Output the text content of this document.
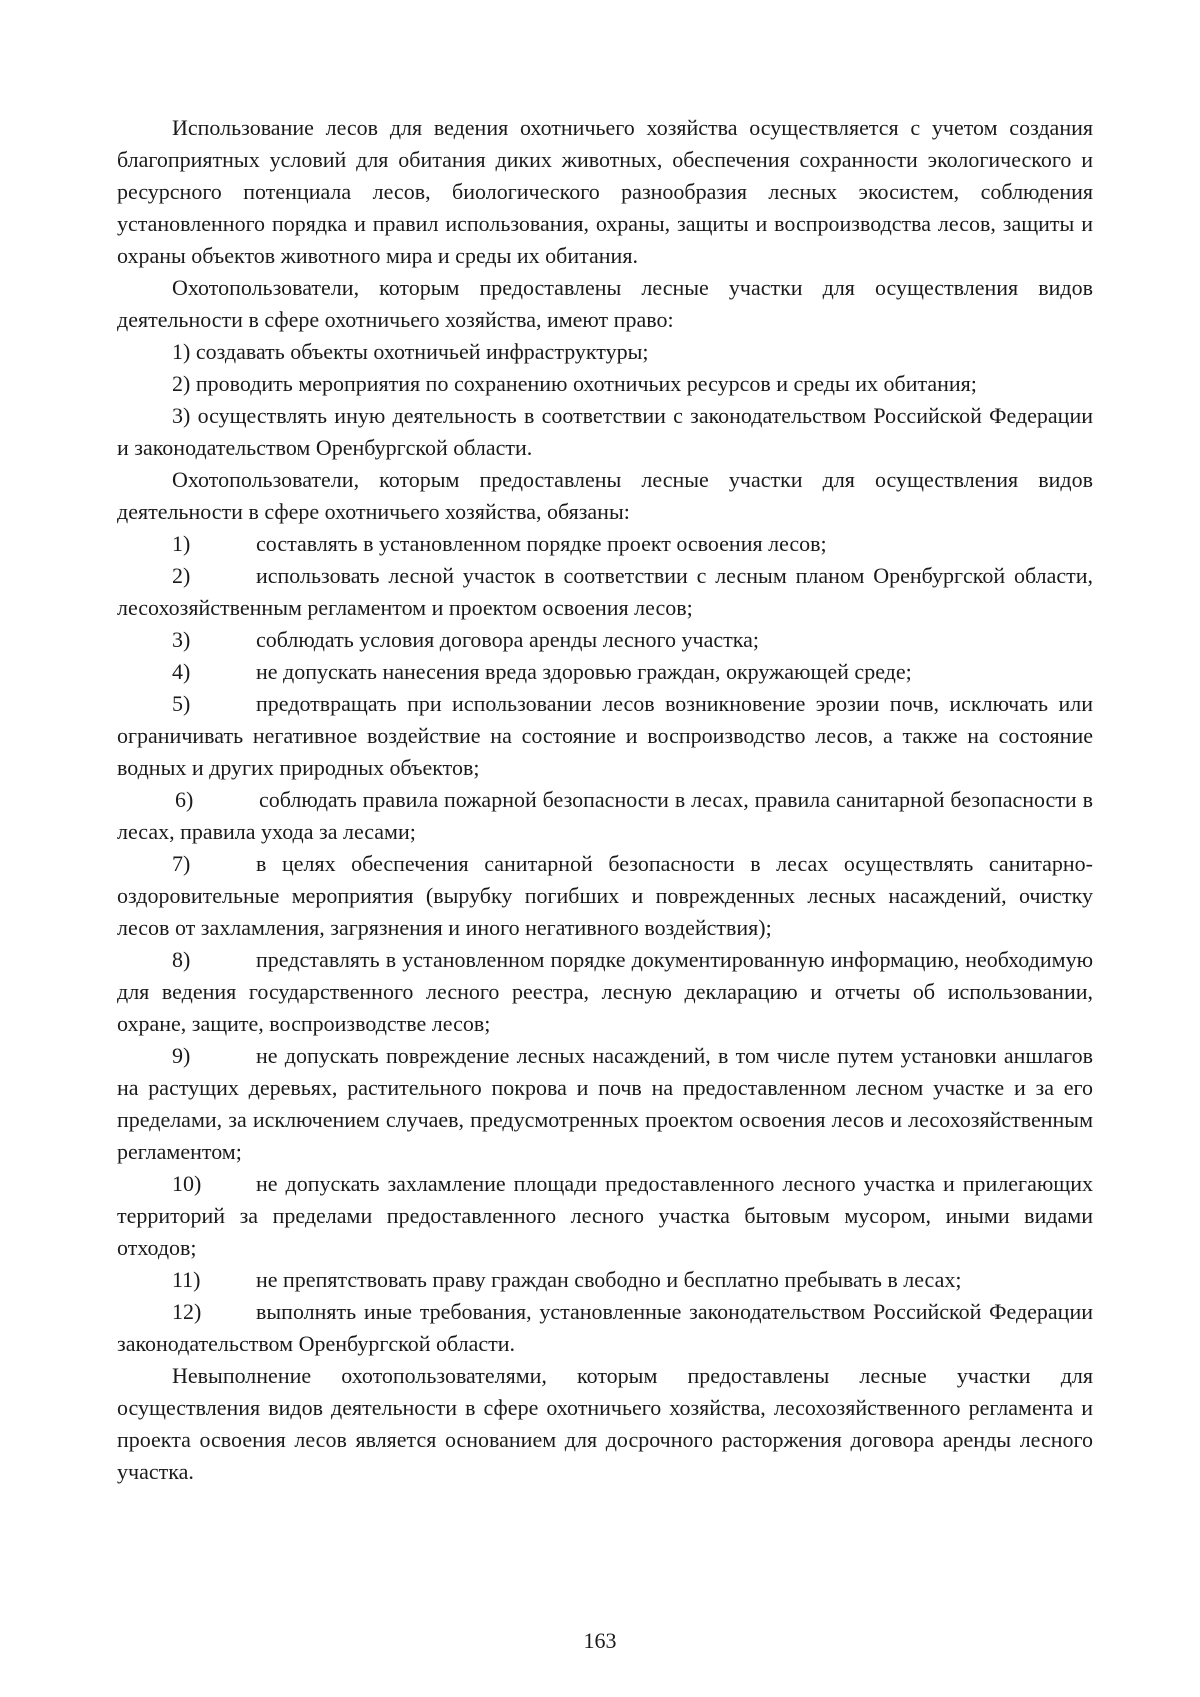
Использование лесов для ведения охотничьего хозяйства осуществляется с учетом создания благоприятных условий для обитания диких животных, обеспечения сохранности экологического и ресурсного потенциала лесов, биологического разнообразия лесных экосистем, соблюдения установленного порядка и правил использования, охраны, защиты и воспроизводства лесов, защиты и охраны объектов животного мира и среды их обитания.

Охотопользователи, которым предоставлены лесные участки для осуществления видов деятельности в сфере охотничьего хозяйства, имеют право:

1) создавать объекты охотничьей инфраструктуры;

2) проводить мероприятия по сохранению охотничьих ресурсов и среды их обитания;

3) осуществлять иную деятельность в соответствии с законодательством Российской Федерации и законодательством Оренбургской области.

Охотопользователи, которым предоставлены лесные участки для осуществления видов деятельности в сфере охотничьего хозяйства, обязаны:

1)	составлять в установленном порядке проект освоения лесов;

2)	использовать лесной участок в соответствии с лесным планом Оренбургской области, лесохозяйственным регламентом и проектом освоения лесов;

3)	соблюдать условия договора аренды лесного участка;

4)	не допускать нанесения вреда здоровью граждан, окружающей среде;

5)	предотвращать при использовании лесов возникновение эрозии почв, исключать или ограничивать негативное воздействие на состояние и воспроизводство лесов, а также на состояние водных и других природных объектов;

6)	соблюдать правила пожарной безопасности в лесах, правила санитарной безопасности в лесах, правила ухода за лесами;

7)	в целях обеспечения санитарной безопасности в лесах осуществлять санитарно-оздоровительные мероприятия (вырубку погибших и поврежденных лесных насаждений, очистку лесов от захламления, загрязнения и иного негативного воздействия);

8)	представлять в установленном порядке документированную информацию, необходимую для ведения государственного лесного реестра, лесную декларацию и отчеты об использовании, охране, защите, воспроизводстве лесов;

9)	не допускать повреждение лесных насаждений, в том числе путем установки аншлагов на растущих деревьях, растительного покрова и почв на предоставленном лесном участке и за его пределами, за исключением случаев, предусмотренных проектом освоения лесов и лесохозяйственным регламентом;

10) не допускать захламление площади предоставленного лесного участка и прилегающих территорий за пределами предоставленного лесного участка бытовым мусором, иными видами отходов;

11)	не препятствовать праву граждан свободно и бесплатно пребывать в лесах;

12) выполнять иные требования, установленные законодательством Российской Федерации законодательством Оренбургской области.

Невыполнение охотопользователями, которым предоставлены лесные участки для осуществления видов деятельности в сфере охотничьего хозяйства, лесохозяйственного регламента и проекта освоения лесов является основанием для досрочного расторжения договора аренды лесного участка.

163
